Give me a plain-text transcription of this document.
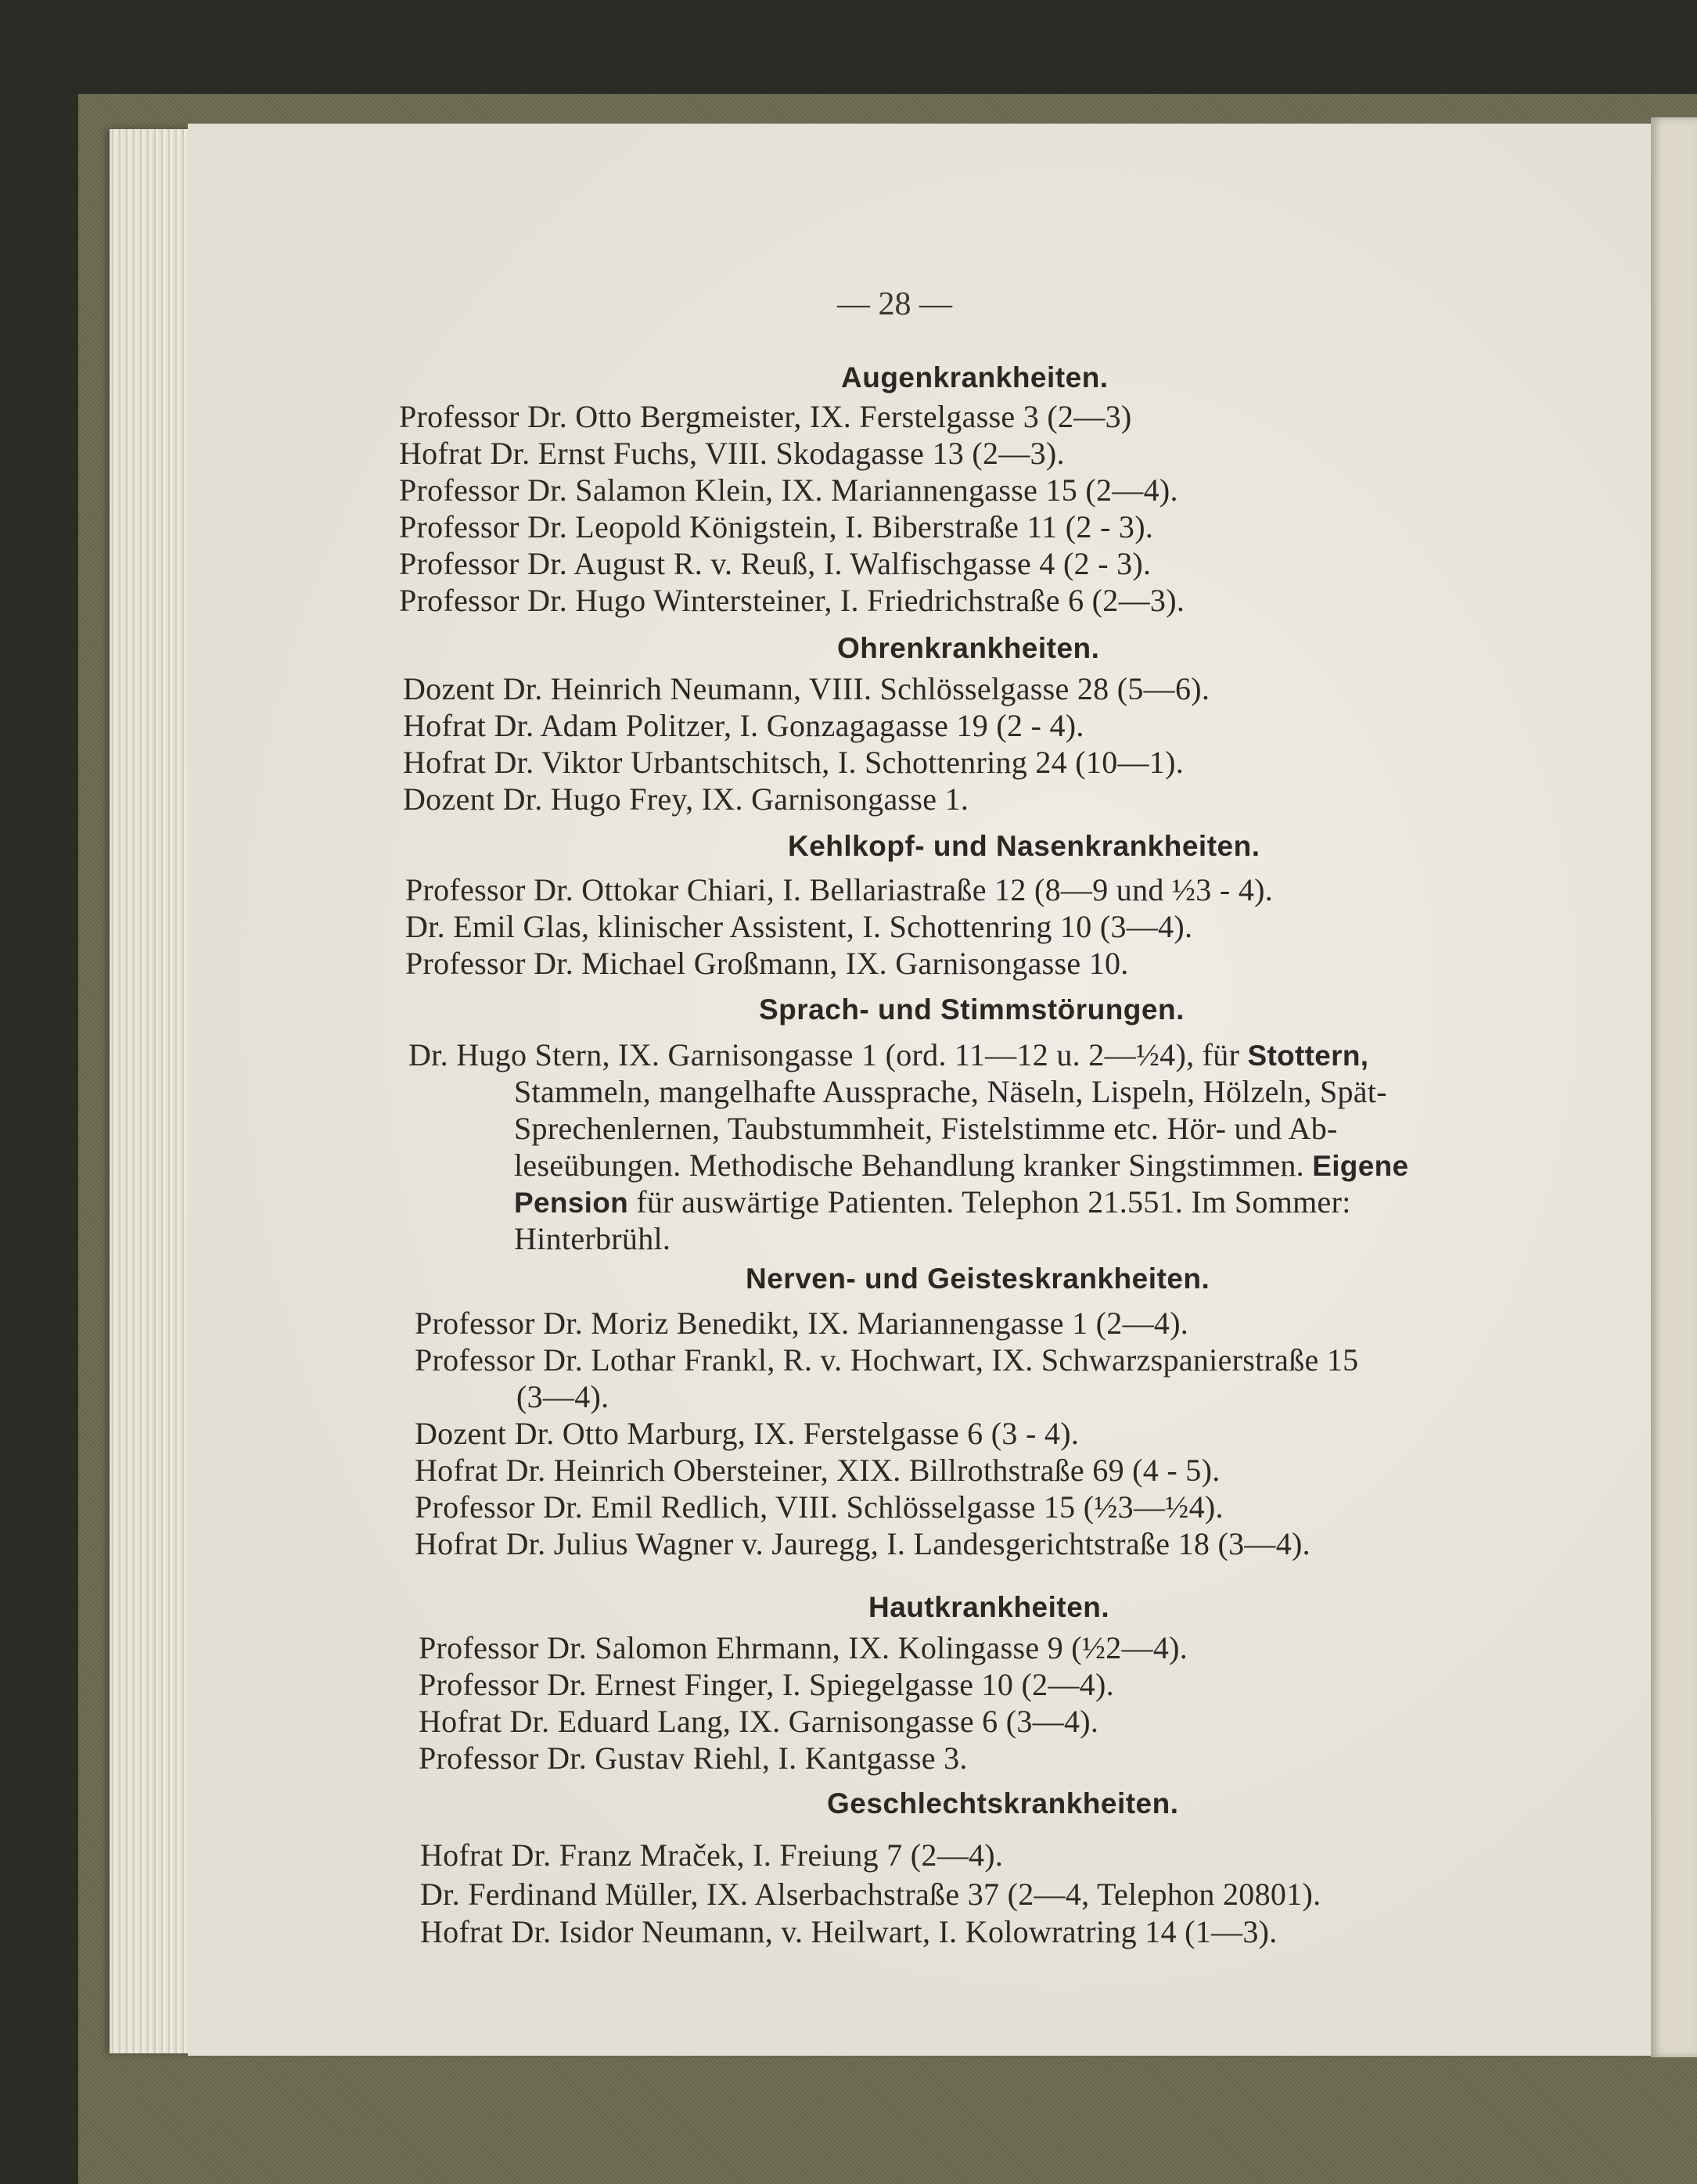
— 28 —
Augenkrankheiten.
Professor Dr. Otto Bergmeister, IX. Ferstelgasse 3 (2—3)
Hofrat Dr. Ernst Fuchs, VIII. Skodagasse 13 (2—3).
Professor Dr. Salamon Klein, IX. Mariannengasse 15 (2—4).
Professor Dr. Leopold Königstein, I. Biberstraße 11 (2 - 3).
Professor Dr. August R. v. Reuß, I. Walfischgasse 4 (2 - 3).
Professor Dr. Hugo Wintersteiner, I. Friedrichstraße 6 (2—3).
Ohrenkrankheiten.
Dozent Dr. Heinrich Neumann, VIII. Schlösselgasse 28 (5—6).
Hofrat Dr. Adam Politzer, I. Gonzagagasse 19 (2 - 4).
Hofrat Dr. Viktor Urbantschitsch, I. Schottenring 24 (10—1).
Dozent Dr. Hugo Frey, IX. Garnisongasse 1.
Kehlkopf- und Nasenkrankheiten.
Professor Dr. Ottokar Chiari, I. Bellariastraße 12 (8—9 und ½3 - 4).
Dr. Emil Glas, klinischer Assistent, I. Schottenring 10 (3—4).
Professor Dr. Michael Großmann, IX. Garnisongasse 10.
Sprach- und Stimmstörungen.
Dr. Hugo Stern, IX. Garnisongasse 1 (ord. 11—12 u. 2—½4), für Stottern,
Stammeln, mangelhafte Aussprache, Näseln, Lispeln, Hölzeln, Spät-
Sprechenlernen, Taubstummheit, Fistelstimme etc. Hör- und Ab-
leseübungen. Methodische Behandlung kranker Singstimmen. Eigene
Pension für auswärtige Patienten. Telephon 21.551. Im Sommer:
Hinterbrühl.
Nerven- und Geisteskrankheiten.
Professor Dr. Moriz Benedikt, IX. Mariannengasse 1 (2—4).
Professor Dr. Lothar Frankl, R. v. Hochwart, IX. Schwarzspanierstraße 15
(3—4).
Dozent Dr. Otto Marburg, IX. Ferstelgasse 6 (3 - 4).
Hofrat Dr. Heinrich Obersteiner, XIX. Billrothstraße 69 (4 - 5).
Professor Dr. Emil Redlich, VIII. Schlösselgasse 15 (½3—½4).
Hofrat Dr. Julius Wagner v. Jauregg, I. Landesgerichtstraße 18 (3—4).
Hautkrankheiten.
Professor Dr. Salomon Ehrmann, IX. Kolingasse 9 (½2—4).
Professor Dr. Ernest Finger, I. Spiegelgasse 10 (2—4).
Hofrat Dr. Eduard Lang, IX. Garnisongasse 6 (3—4).
Professor Dr. Gustav Riehl, I. Kantgasse 3.
Geschlechtskrankheiten.
Hofrat Dr. Franz Mraček, I. Freiung 7 (2—4).
Dr. Ferdinand Müller, IX. Alserbachstraße 37 (2—4, Telephon 20801).
Hofrat Dr. Isidor Neumann, v. Heilwart, I. Kolowratring 14 (1—3).
